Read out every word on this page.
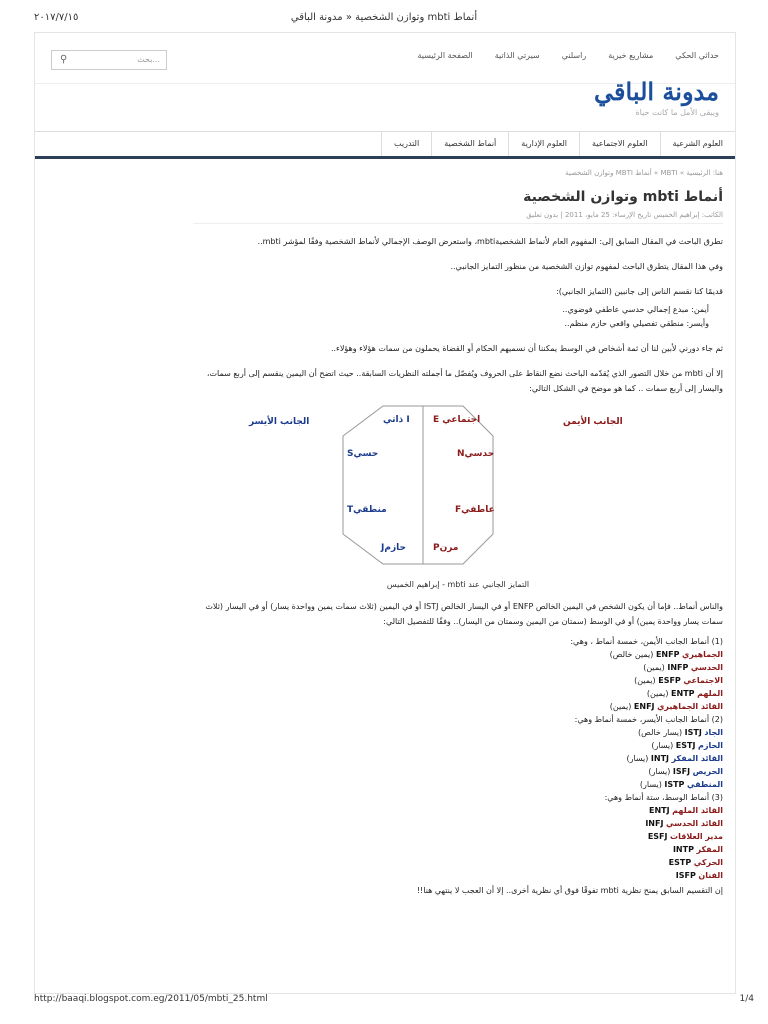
٢٠١٧/٧/١٥	وتوازن الشخصية « مدونة الباقي mbti أنماط
⚲	بحث...	الصفحة الرئيسية	سيرتي الذاتية	راسلني	مشاريع خيرية	حداثي الحكي
مدونة الباقي
ويبقى الأمل ما كانت حياة
العلوم الشرعية
العلوم الاجتماعية
العلوم الإدارية
أنماط الشخصية
التدريب
هنا: الرئيسية » MBTI » أنماط MBTI وتوازن الشخصية
أنماط mbti وتوازن الشخصية
الكاتب: إبراهيم الخميس تاريخ الإرساء: 25 مايو، 2011 | بدون تعليق
تطرق الباحث في المقال السابق إلى: المفهوم العام لأنماط الشخصيةmbti، واستعرض الوصف الإجمالي لأنماط الشخصية وفقًا لمؤشر mbti..
وفي هذا المقال يتطرق الباحث لمفهوم توازن الشخصية من منظور التمايز الجانبي..
قديمًا كنا نقسم الناس إلى جانبين (التمايز الجانبي):
أيمن: مبدع إجمالي حدسي عاطفي فوضوي..
وأيسر: منطقي تفصيلي واقعي حازم منظم..
ثم جاء دورني لأبين لنا أن ثمة أشخاص في الوسط يمكننا أن نسميهم الحكام أو القضاة يحملون من سمات هؤلاء وهؤلاء..
إلا أن mbti من خلال التصور الذي يُقدّمه الباحث نضع النقاط على الحروف ويُفصّل ما أجملته النظريات السابقة.. حيث اتضح أن اليمين ينقسم إلى أربع سمات، واليسار إلى أربع سمات .. كما هو موضح في الشكل التالي:
الجانب الأيسر	الجانب الأيمن
ذاتي I	E اجتماعي
Sحسي	Nحدسي
Tمنطقي	Fعاطفي
Jحازم	Pمرن
التمايز الجانبي عند mbti - إبراهيم الخميس
والناس أنماط.. فإما أن يكون الشخص في اليمين الخالص ENFP أو في اليسار الخالص ISTJ أو في اليمين (ثلاث سمات يمين وواحدة يسار) أو في اليسار (ثلاث سمات يسار وواحدة يمين) أو في الوسط (سمتان من اليمين وسمتان من اليسار).. وفقًا للتفصيل التالي:
(1) أنماط الجانب الأيمن، خمسة أنماط ، وهي:
الجماهيري ENFP (يمين خالص)
الحدسي INFP (يمين)
الاجتماعي ESFP (يمين)
الملهم ENTP (يمين)
القائد الجماهيري ENFJ (يمين)
(2) أنماط الجانب الأيسر، خمسة أنماط وهي:
الجاد ISTJ (يسار خالص)
الحازم ESTJ (يسار)
القائد المفكر INTJ (يسار)
الحريص ISFJ (يسار)
المنطقي ISTP (يسار)
(3) أنماط الوسط، ستة أنماط وهي:
القائد الملهم ENTJ
القائد الحدسي INFJ
مدير العلاقات ESFJ
المفكر INTP
الحركي ESTP
الفنان ISFP
إن التقسيم السابق يمنح نظرية mbti تفوقًا فوق أي نظرية أخرى.. إلا أن العجب لا ينتهي هنا!!
http://baaqi.blogspot.com.eg/2011/05/mbti_25.html	1/4
